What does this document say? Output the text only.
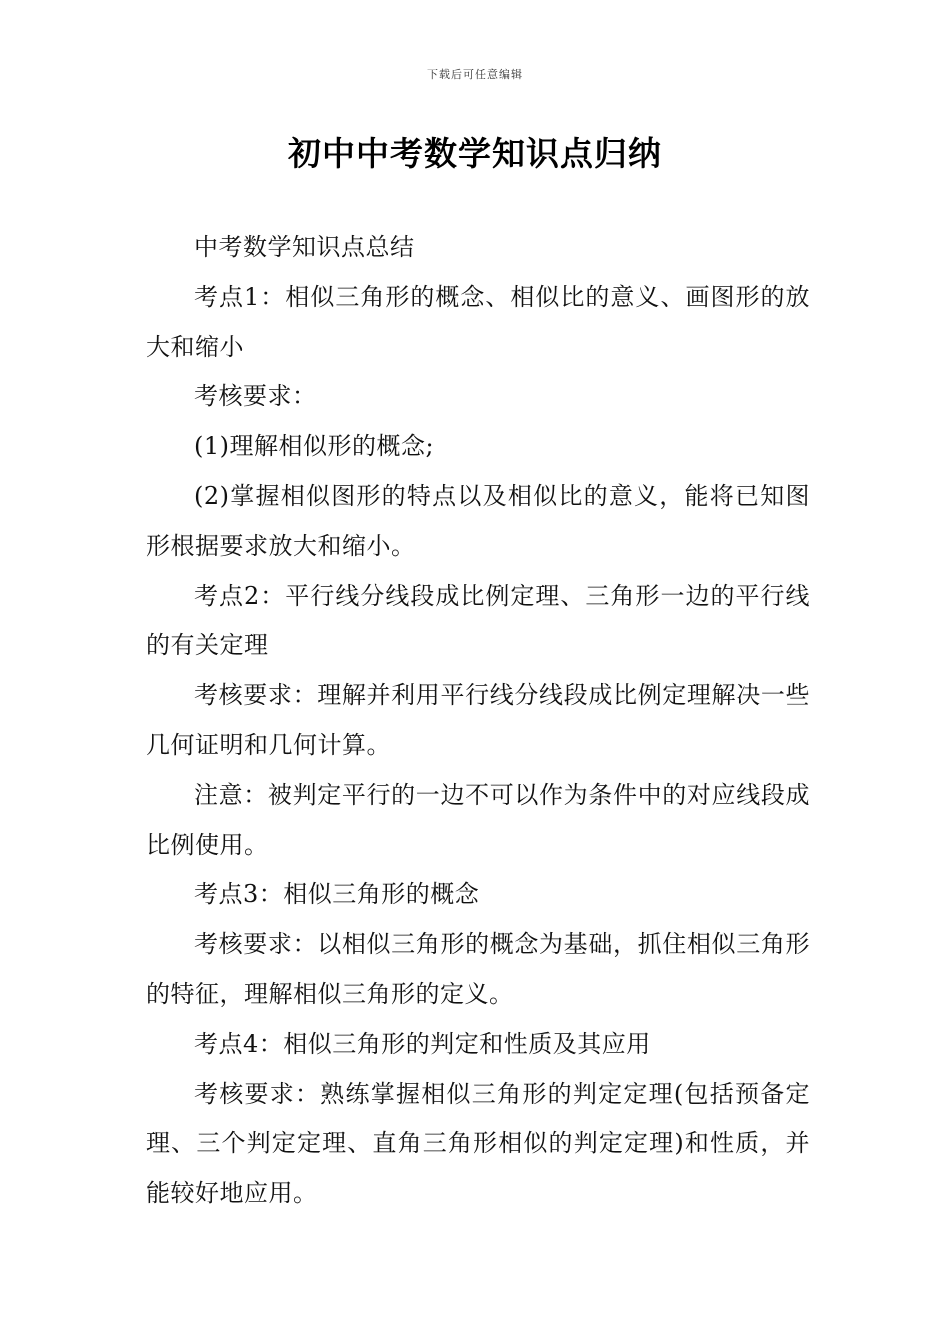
下载后可任意编辑
初中中考数学知识点归纳

中考数学知识点总结

考点1：相似三角形的概念、相似比的意义、画图形的放大和缩小

考核要求：

(1)理解相似形的概念;

(2)掌握相似图形的特点以及相似比的意义，能将已知图形根据要求放大和缩小。

考点2：平行线分线段成比例定理、三角形一边的平行线的有关定理

考核要求：理解并利用平行线分线段成比例定理解决一些几何证明和几何计算。

注意：被判定平行的一边不可以作为条件中的对应线段成比例使用。

考点3：相似三角形的概念

考核要求：以相似三角形的概念为基础，抓住相似三角形的特征，理解相似三角形的定义。

考点4：相似三角形的判定和性质及其应用

考核要求：熟练掌握相似三角形的判定定理(包括预备定理、三个判定定理、直角三角形相似的判定定理)和性质，并能较好地应用。
